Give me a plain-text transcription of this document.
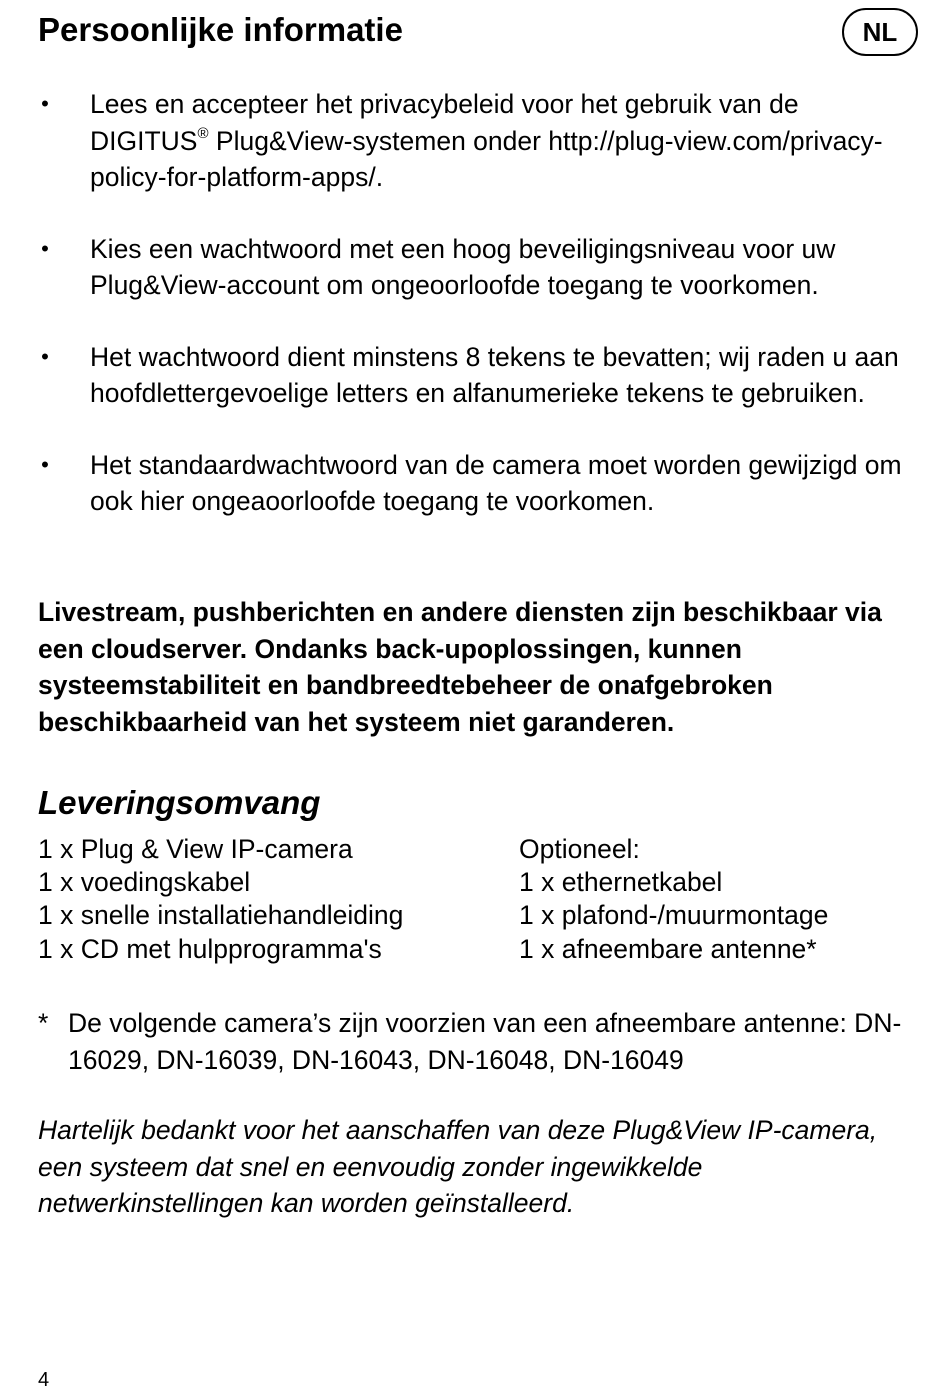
Persoonlijke informatie	NL
• Lees en accepteer het privacybeleid voor het gebruik van de DIGITUS® Plug&View-systemen onder http://plug-view.com/privacy-policy-for-platform-apps/.
• Kies een wachtwoord met een hoog beveiligingsniveau voor uw Plug&View-account om ongeoorloofde toegang te voorkomen.
• Het wachtwoord dient minstens 8 tekens te bevatten; wij raden u aan hoofdlettergevoelige letters en alfanumerieke tekens te gebruiken.
• Het standaardwachtwoord van de camera moet worden gewijzigd om ook hier ongeaoorloofde toegang te voorkomen.

Livestream, pushberichten en andere diensten zijn beschikbaar via een cloudserver. Ondanks back-upoplossingen, kunnen systeemstabiliteit en bandbreedtebeheer de onafgebroken beschikbaarheid van het systeem niet garanderen.

Leveringsomvang
1 x Plug & View IP-camera
1 x voedingskabel
1 x snelle installatiehandleiding
1 x CD met hulpprogramma's
Optioneel:
1 x ethernetkabel
1 x plafond-/muurmontage
1 x afneembare antenne*
* De volgende camera’s zijn voorzien van een afneembare antenne: DN-16029, DN-16039, DN-16043, DN-16048, DN-16049

Hartelijk bedankt voor het aanschaffen van deze Plug&View IP-camera, een systeem dat snel en eenvoudig zonder ingewikkelde netwerkinstellingen kan worden geïnstalleerd.

4
